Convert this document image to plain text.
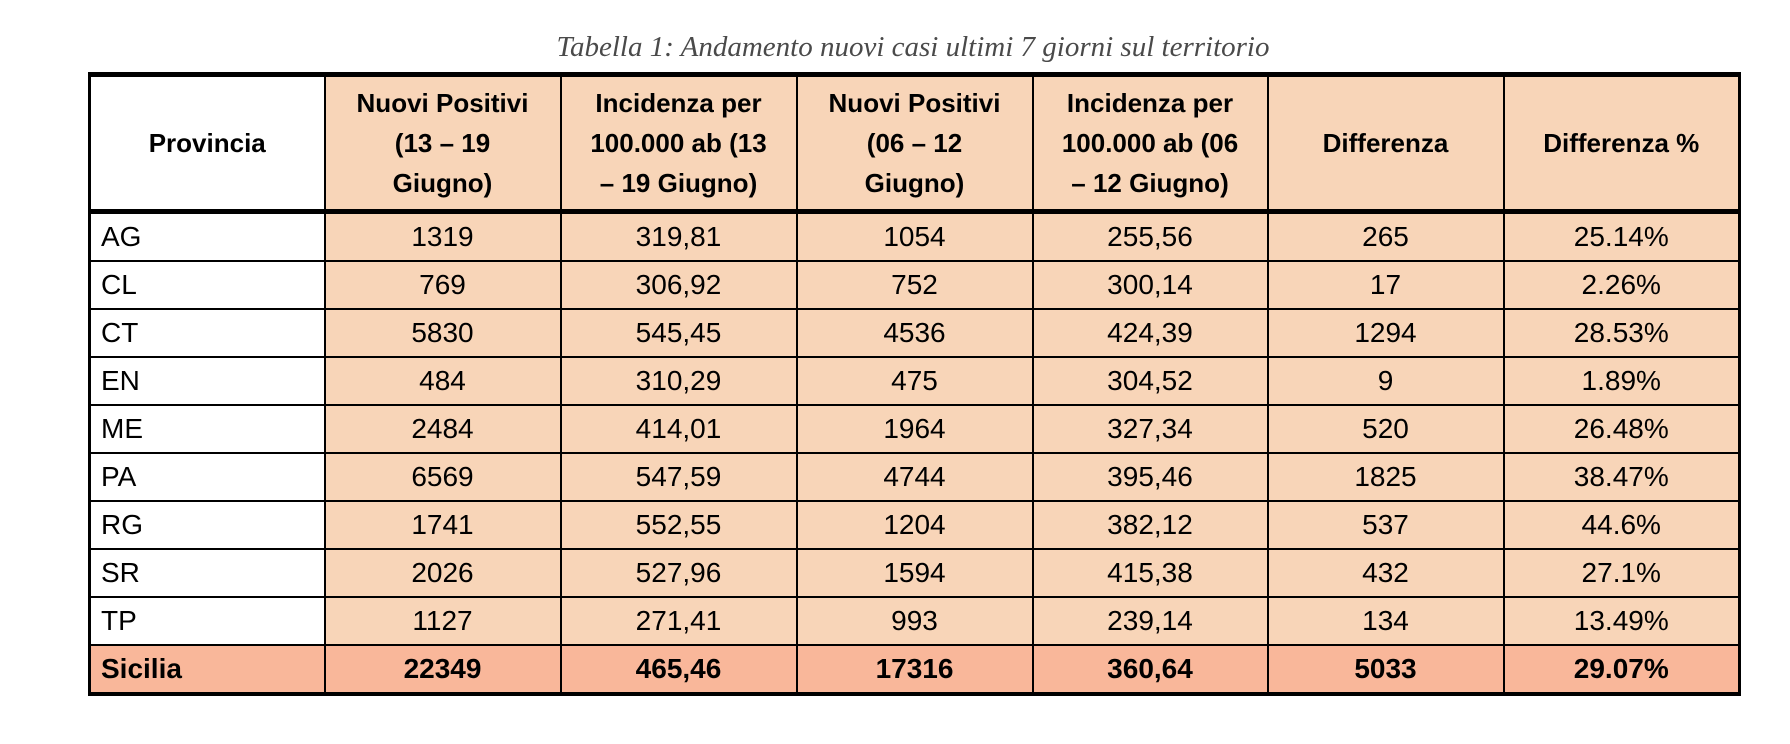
Tabella 1: Andamento nuovi casi ultimi 7 giorni sul territorio
Provincia	Nuovi Positivi
(13 – 19
Giugno)	Incidenza per
100.000 ab (13
– 19 Giugno)	Nuovi Positivi
(06 – 12
Giugno)	Incidenza per
100.000 ab (06
– 12 Giugno)	Differenza	Differenza %
AG	1319	319,81	1054	255,56	265	25.14%
CL	769	306,92	752	300,14	17	2.26%
CT	5830	545,45	4536	424,39	1294	28.53%
EN	484	310,29	475	304,52	9	1.89%
ME	2484	414,01	1964	327,34	520	26.48%
PA	6569	547,59	4744	395,46	1825	38.47%
RG	1741	552,55	1204	382,12	537	44.6%
SR	2026	527,96	1594	415,38	432	27.1%
TP	1127	271,41	993	239,14	134	13.49%
Sicilia	22349	465,46	17316	360,64	5033	29.07%
